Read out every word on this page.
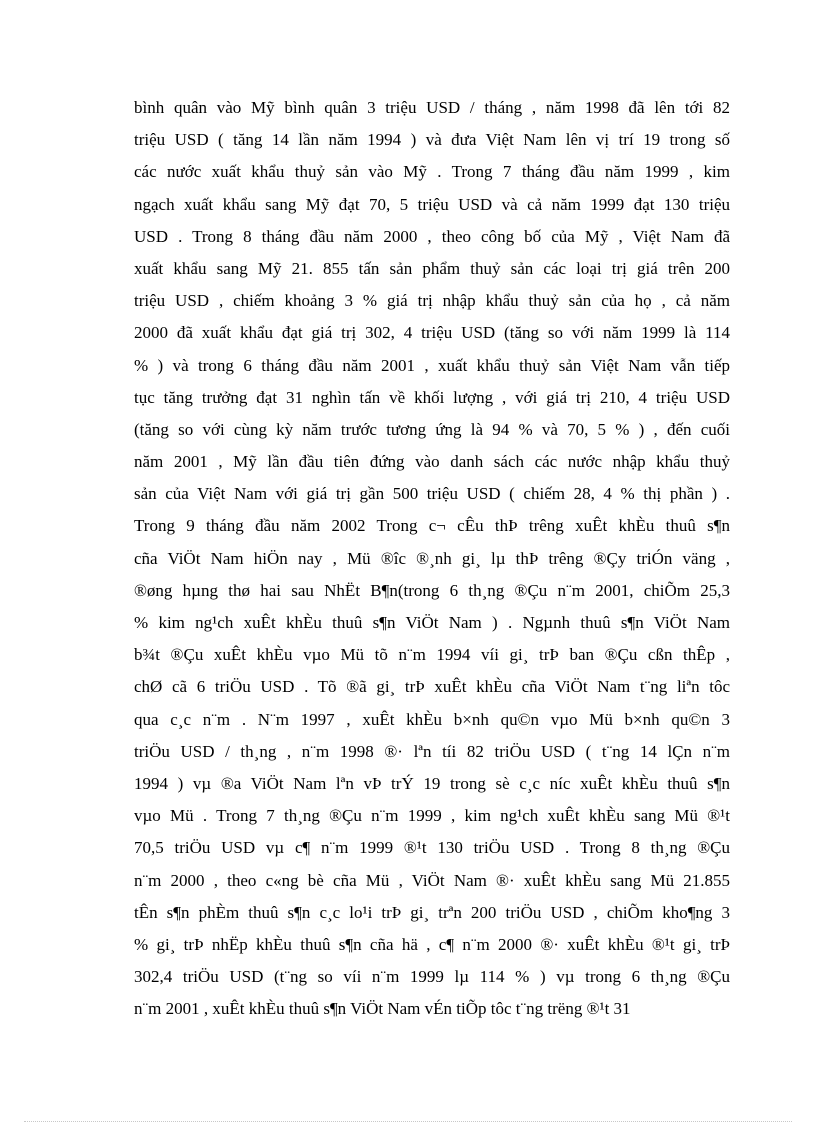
bình quân vào Mỹ bình quân 3 triệu USD / tháng , năm 1998 đã lên tới 82
triệu USD ( tăng 14 lần năm 1994 ) và đưa Việt Nam lên vị trí 19 trong số
các nước xuất khẩu thuỷ sản vào Mỹ . Trong 7 tháng đầu năm 1999 , kim
ngạch xuất khẩu sang Mỹ đạt 70, 5 triệu USD và cả năm 1999 đạt 130 triệu
USD . Trong 8 tháng đầu năm 2000 , theo công bố của Mỹ , Việt Nam đã
xuất khẩu sang Mỹ 21. 855 tấn sản phẩm thuỷ sản các loại trị giá trên 200
triệu USD , chiếm khoảng 3 % giá trị nhập khẩu thuỷ sản của họ , cả năm
2000 đã xuất khẩu đạt giá trị 302, 4 triệu USD (tăng so với năm 1999 là 114
% ) và trong 6 tháng đầu năm 2001 , xuất khẩu thuỷ sản Việt Nam vẫn tiếp
tục tăng trưởng đạt 31 nghìn tấn về khối lượng , với giá trị 210, 4 triệu USD
(tăng so với cùng kỳ năm trước tương ứng là 94 % và 70, 5 % ) , đến cuối
năm 2001 , Mỹ lần đầu tiên đứng vào danh sách các nước nhập khẩu thuỷ
sản của Việt Nam với giá trị gần 500 triệu USD ( chiếm 28, 4 % thị phần ) .
Trong 9 tháng đầu năm 2002 Trong c¬ cÊu thÞ trêng xuÊt khÈu thuû s¶n
cña ViÖt Nam hiÖn nay , Mü ®îc ®¸nh gi¸ lµ thÞ trêng ®Çy triÓn väng ,
®øng hµng thø hai sau NhËt B¶n(trong 6 th¸ng ®Çu n¨m 2001, chiÕm 25,3
% kim ng¹ch xuÊt khÈu thuû s¶n ViÖt Nam ) . Ngµnh thuû s¶n ViÖt Nam
b¾t ®Çu xuÊt khÈu vµo Mü tõ n¨m 1994 víi gi¸ trÞ ban ®Çu cßn thÊp ,
chØ cã 6 triÖu USD . Tõ ®ã gi¸ trÞ xuÊt khÈu cña ViÖt Nam t¨ng liªn tôc
qua c¸c n¨m . N¨m 1997 , xuÊt khÈu b×nh qu©n vµo Mü b×nh qu©n 3
triÖu USD / th¸ng , n¨m 1998 ®· lªn tíi 82 triÖu USD ( t¨ng 14 lÇn n¨m
1994 ) vµ ®a ViÖt Nam lªn vÞ trÝ 19 trong sè c¸c níc xuÊt khÈu thuû s¶n
vµo Mü . Trong 7 th¸ng ®Çu n¨m 1999 , kim ng¹ch xuÊt khÈu sang Mü ®¹t
70,5 triÖu USD vµ c¶ n¨m 1999 ®¹t 130 triÖu USD . Trong 8 th¸ng ®Çu
n¨m 2000 , theo c«ng bè cña Mü , ViÖt Nam ®· xuÊt khÈu sang Mü 21.855
tÊn s¶n phÈm thuû s¶n c¸c lo¹i trÞ gi¸ trªn 200 triÖu USD , chiÕm kho¶ng 3
% gi¸ trÞ nhËp khÈu thuû s¶n cña hä , c¶ n¨m 2000 ®· xuÊt khÈu ®¹t gi¸ trÞ
302,4 triÖu USD (t¨ng so víi n¨m 1999 lµ 114 % ) vµ trong 6 th¸ng ®Çu
n¨m 2001 , xuÊt khÈu thuû s¶n ViÖt Nam vÉn tiÕp tôc t¨ng trëng ®¹t 31
